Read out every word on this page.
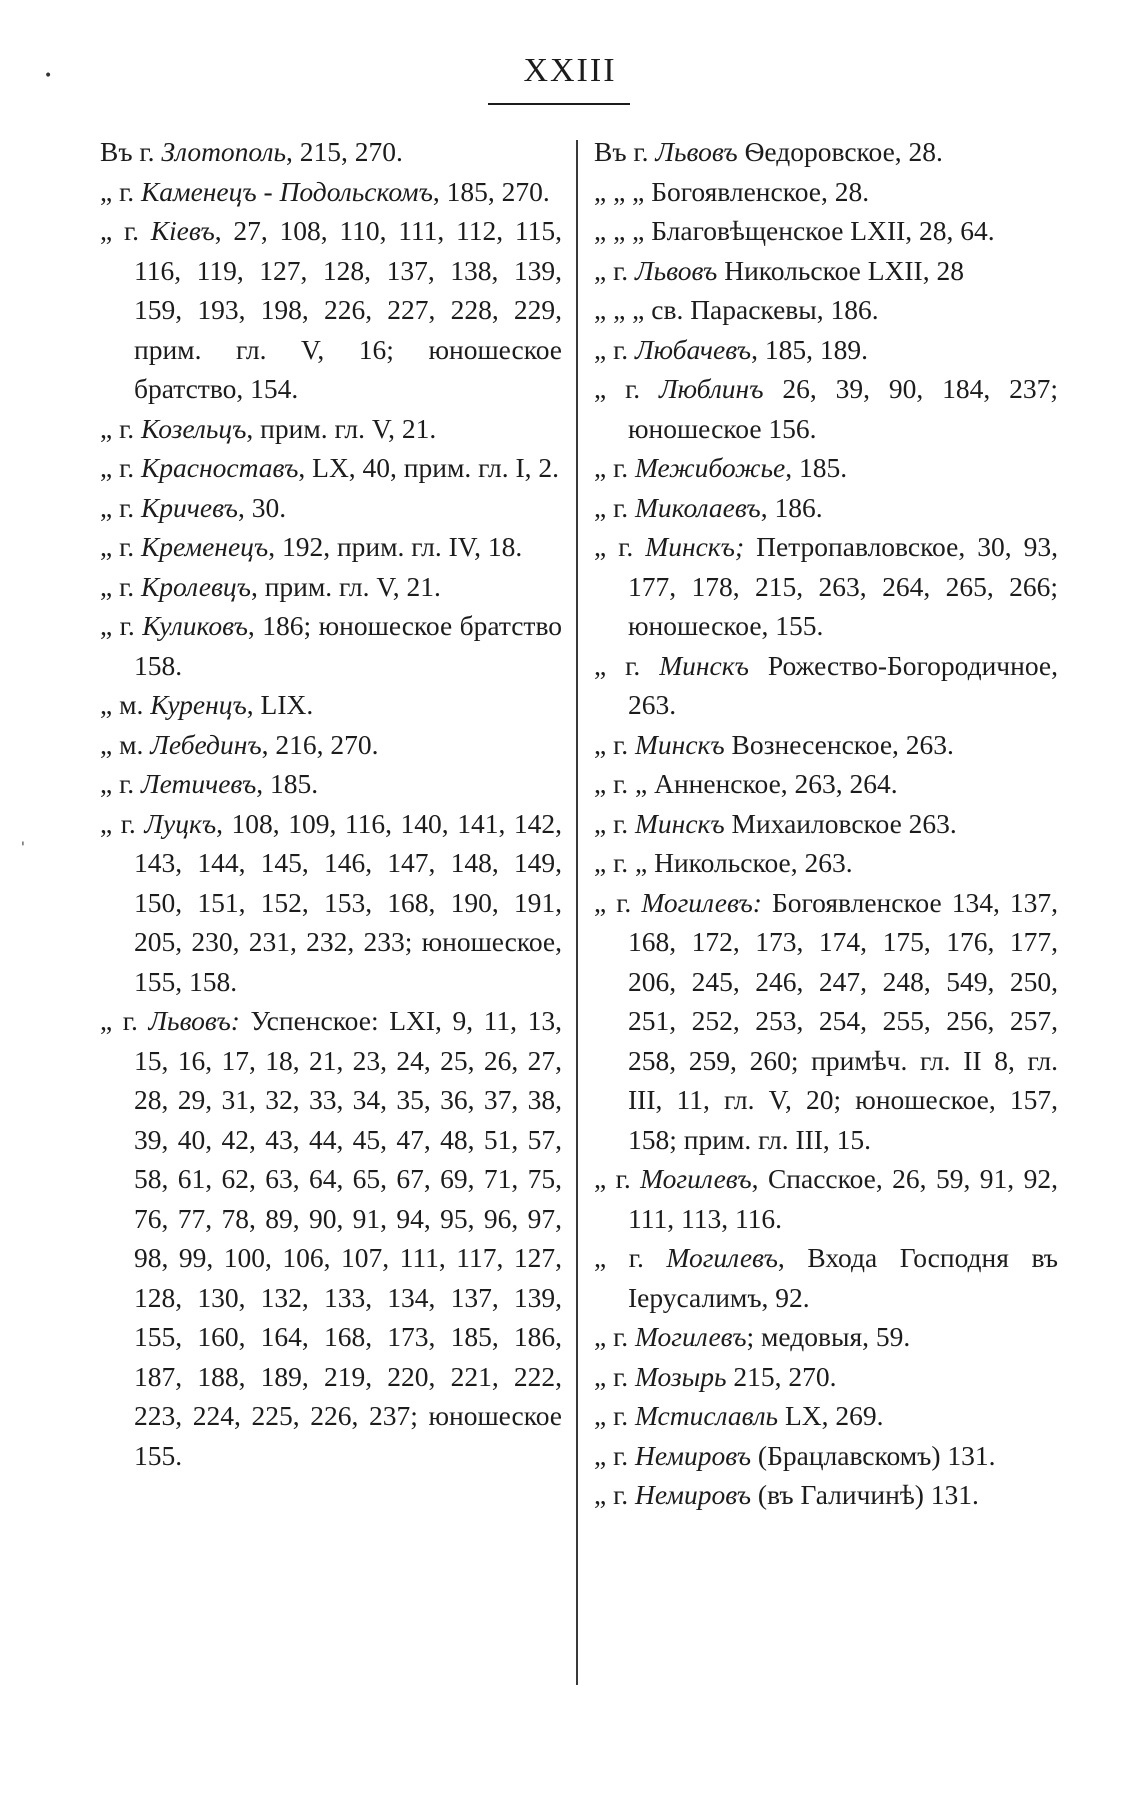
XXIII
•
'
Въ г. Злотополь, 215, 270.
„ г. Каменецъ - Подольскомъ, 185, 270.
„ г. Кіевъ, 27, 108, 110, 111, 112, 115, 116, 119, 127, 128, 137, 138, 139, 159, 193, 198, 226, 227, 228, 229, прим. гл. V, 16; юношеское братство, 154.
„ г. Козельцъ, прим. гл. V, 21.
„ г. Красноставъ, LX, 40, прим. гл. I, 2.
„ г. Кричевъ, 30.
„ г. Кременецъ, 192, прим. гл. IV, 18.
„ г. Кролевцъ, прим. гл. V, 21.
„ г. Куликовъ, 186; юношеское братство 158.
„ м. Куренцъ, LIX.
„ м. Лебединъ, 216, 270.
„ г. Летичевъ, 185.
„ г. Луцкъ, 108, 109, 116, 140, 141, 142, 143, 144, 145, 146, 147, 148, 149, 150, 151, 152, 153, 168, 190, 191, 205, 230, 231, 232, 233; юношеское, 155, 158.
„ г. Львовъ: Успенское: LXI, 9, 11, 13, 15, 16, 17, 18, 21, 23, 24, 25, 26, 27, 28, 29, 31, 32, 33, 34, 35, 36, 37, 38, 39, 40, 42, 43, 44, 45, 47, 48, 51, 57, 58, 61, 62, 63, 64, 65, 67, 69, 71, 75, 76, 77, 78, 89, 90, 91, 94, 95, 96, 97, 98, 99, 100, 106, 107, 111, 117, 127, 128, 130, 132, 133, 134, 137, 139, 155, 160, 164, 168, 173, 185, 186, 187, 188, 189, 219, 220, 221, 222, 223, 224, 225, 226, 237; юношеское 155.
Въ г. Львовъ Ѳедоровское, 28.
„ „ „ Богоявленское, 28.
„ „ „ Благовѣщенское LXII, 28, 64.
„ г. Львовъ Никольское LXII, 28
„ „ „ св. Параскевы, 186.
„ г. Любачевъ, 185, 189.
„ г. Люблинъ 26, 39, 90, 184, 237; юношеское 156.
„ г. Межибожье, 185.
„ г. Миколаевъ, 186.
„ г. Минскъ; Петропавловское, 30, 93, 177, 178, 215, 263, 264, 265, 266; юношеское, 155.
„ г. Минскъ Рожество-Богородичное, 263.
„ г. Минскъ Вознесенское, 263.
„ г. „ Анненское, 263, 264.
„ г. Минскъ Михаиловское 263.
„ г. „ Никольское, 263.
„ г. Могилевъ: Богоявленское 134, 137, 168, 172, 173, 174, 175, 176, 177, 206, 245, 246, 247, 248, 549, 250, 251, 252, 253, 254, 255, 256, 257, 258, 259, 260; примѣч. гл. II 8, гл. III, 11, гл. V, 20; юношеское, 157, 158; прим. гл. III, 15.
„ г. Могилевъ, Спасское, 26, 59, 91, 92, 111, 113, 116.
„ г. Могилевъ, Входа Господня въ Іерусалимъ, 92.
„ г. Могилевъ; медовыя, 59.
„ г. Мозырь 215, 270.
„ г. Мстиславль LX, 269.
„ г. Немировъ (Брацлавскомъ) 131.
„ г. Немировъ (въ Галичинѣ) 131.
